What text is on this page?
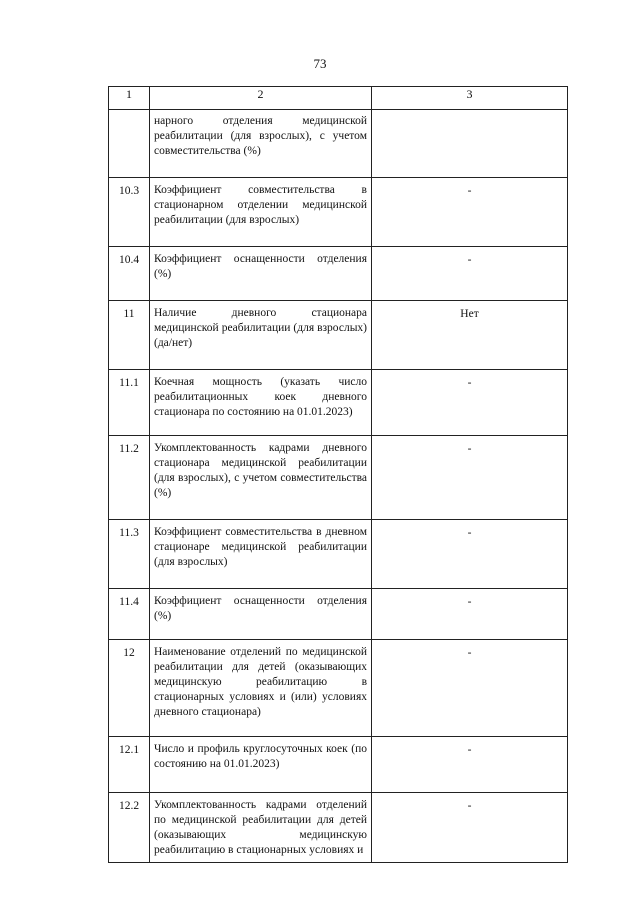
73
1	2	3
	нарного отделения медицинской реабилитации (для взрослых), с учетом совместительства (%)	
10.3	Коэффициент совместительства в стационарном отделении медицинской реабилитации (для взрослых)	-
10.4	Коэффициент оснащенности отделения (%)	-
11	Наличие дневного стационара медицинской реабилитации (для взрослых) (да/нет)	Нет
11.1	Коечная мощность (указать число реабилитационных коек дневного стационара по состоянию на 01.01.2023)	-
11.2	Укомплектованность кадрами дневного стационара медицинской реабилитации (для взрослых), с учетом совместительства (%)	-
11.3	Коэффициент совместительства в дневном стационаре медицинской реабилитации (для взрослых)	-
11.4	Коэффициент оснащенности отделения (%)	-
12	Наименование отделений по медицинской реабилитации для детей (оказывающих медицинскую реабилитацию в стационарных условиях и (или) условиях дневного стационара)	-
12.1	Число и профиль круглосуточных коек (по состоянию на 01.01.2023)	-
12.2	Укомплектованность кадрами отделений по медицинской реабилитации для детей (оказывающих медицинскую реабилитацию в стационарных условиях и	-
